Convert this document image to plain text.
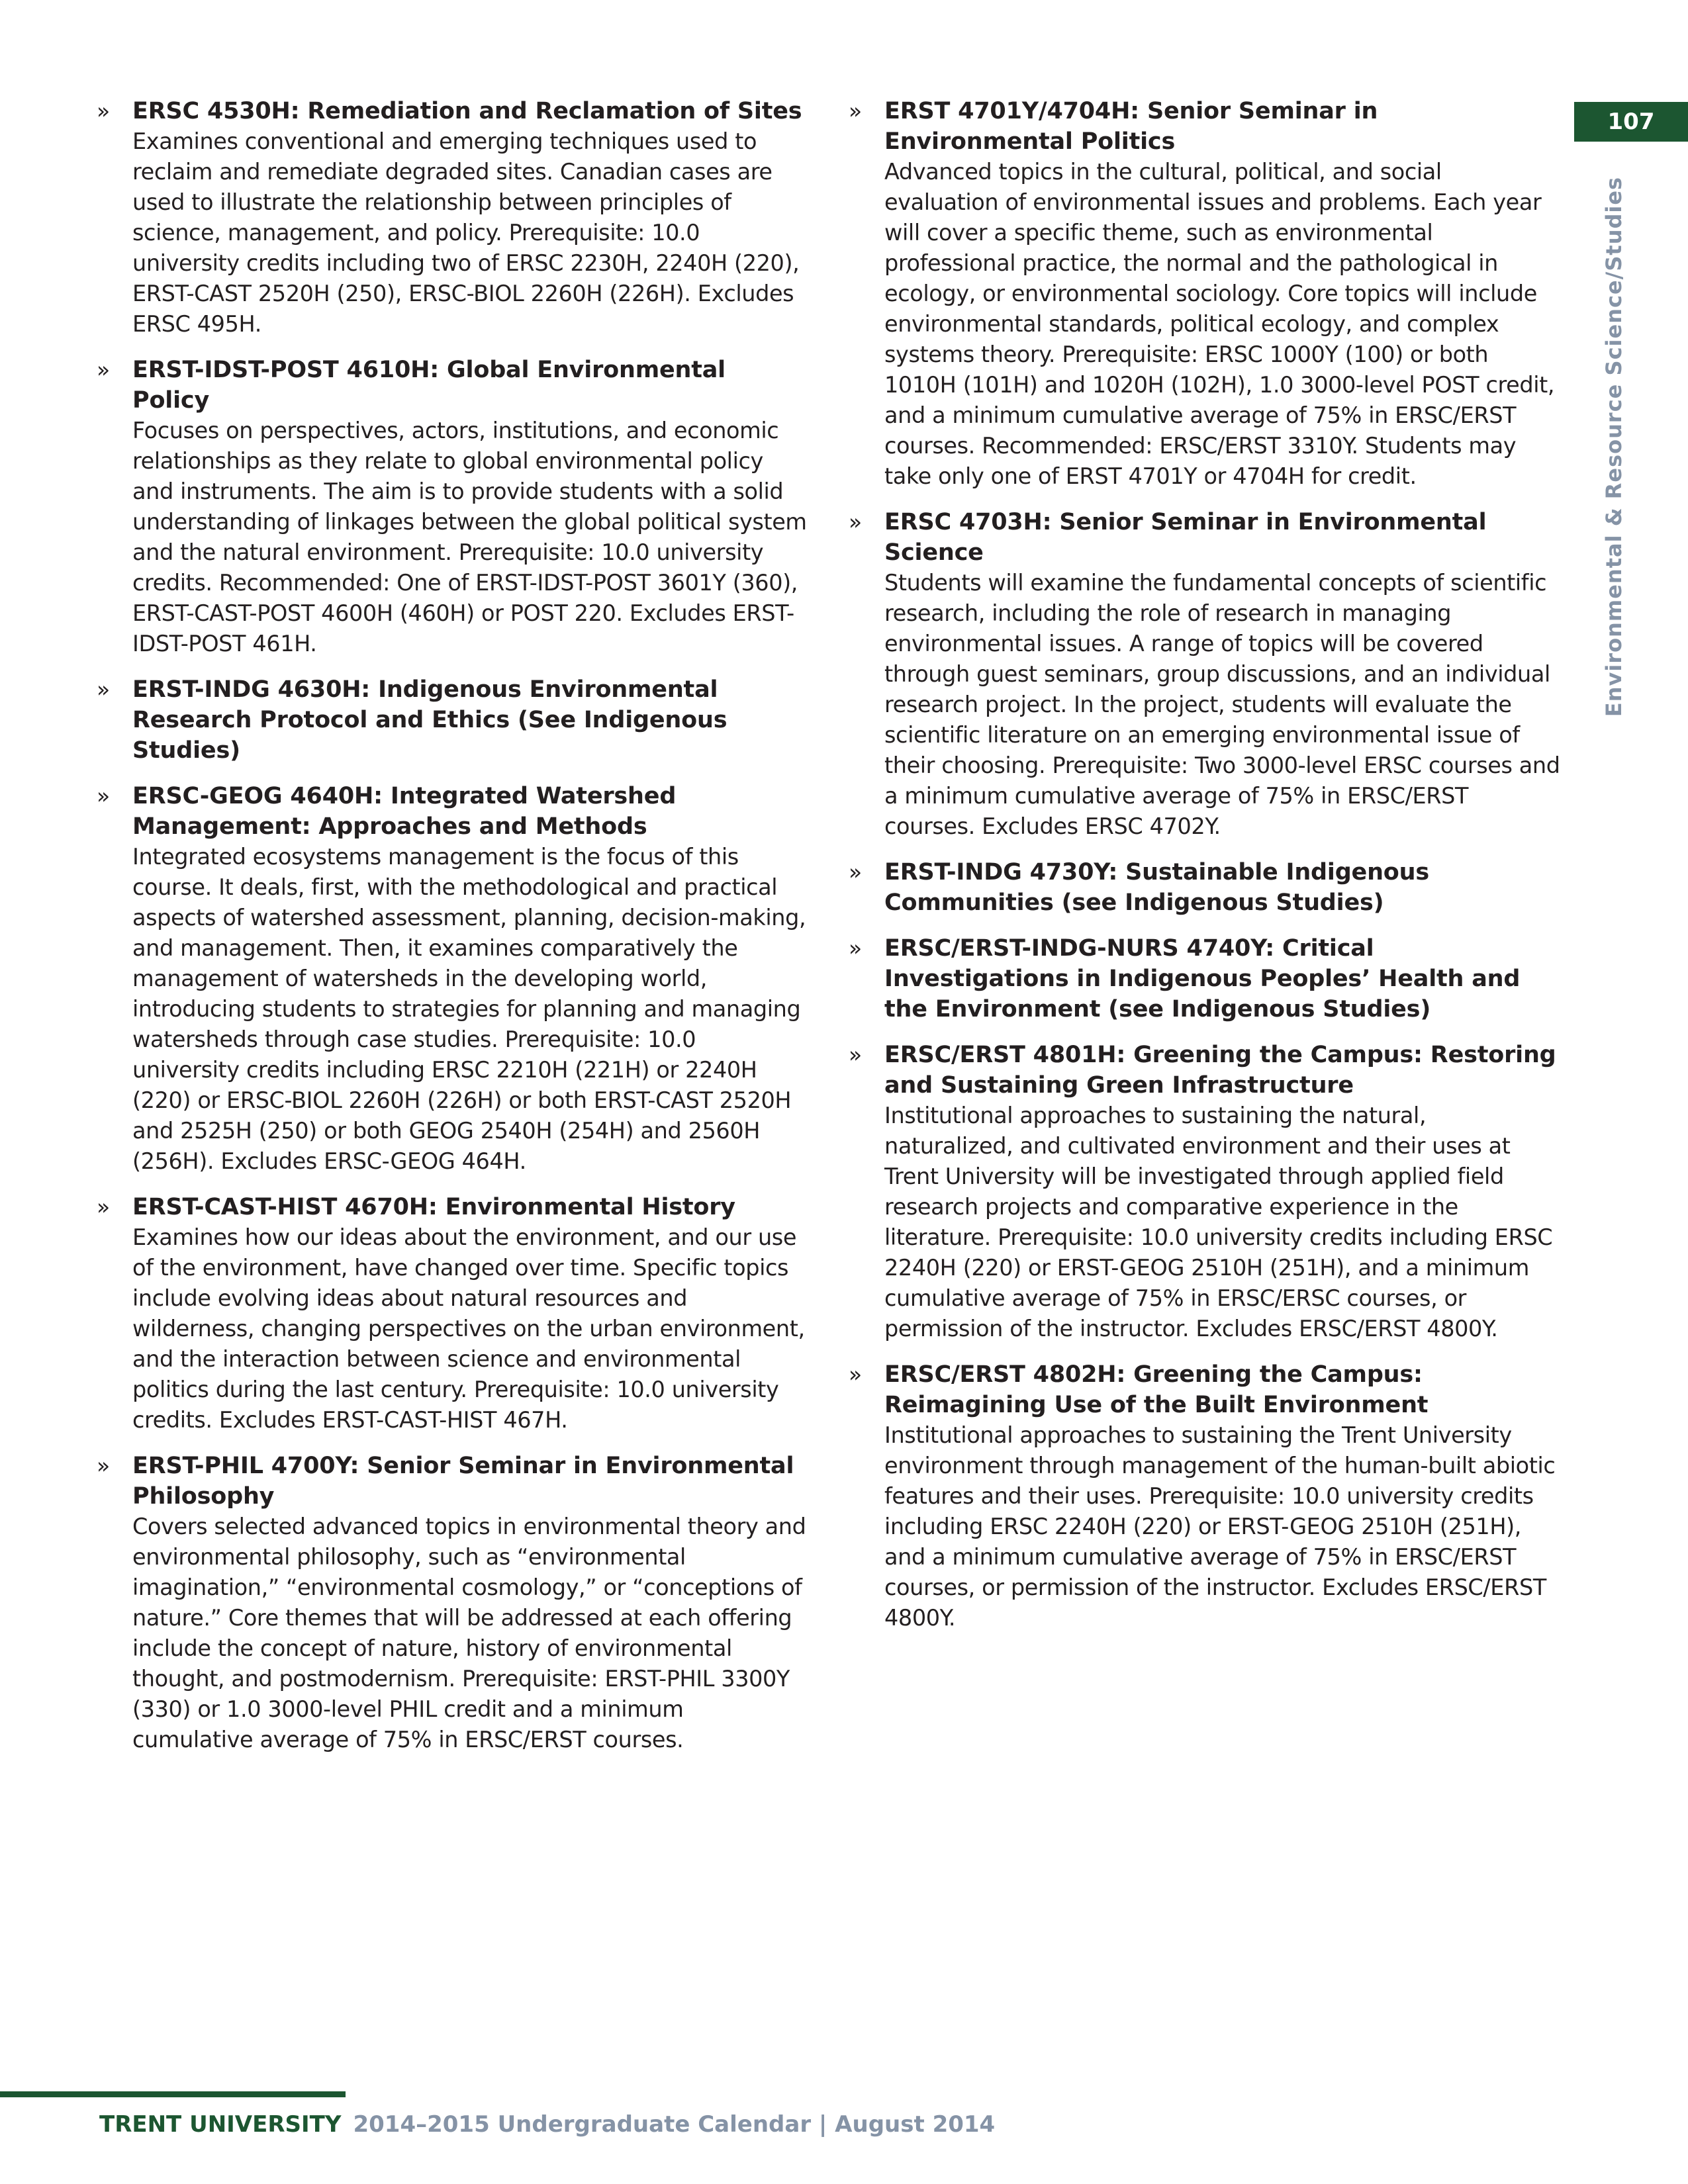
107
Environmental & Resource Science/Studies
» ERSC 4530H: Remediation and Reclamation of Sites
Examines conventional and emerging techniques used to reclaim and remediate degraded sites. Canadian cases are used to illustrate the relationship between principles of science, management, and policy. Prerequisite: 10.0 university credits including two of ERSC 2230H, 2240H (220), ERST-CAST 2520H (250), ERSC-BIOL 2260H (226H). Excludes ERSC 495H.
» ERST-IDST-POST 4610H: Global Environmental Policy
Focuses on perspectives, actors, institutions, and economic relationships as they relate to global environmental policy and instruments. The aim is to provide students with a solid understanding of linkages between the global political system and the natural environment. Prerequisite: 10.0 university credits. Recommended: One of ERST-IDST-POST 3601Y (360), ERST-CAST-POST 4600H (460H) or POST 220. Excludes ERST-IDST-POST 461H.
» ERST-INDG 4630H: Indigenous Environmental Research Protocol and Ethics (See Indigenous Studies)
» ERSC-GEOG 4640H: Integrated Watershed Management: Approaches and Methods
Integrated ecosystems management is the focus of this course. It deals, first, with the methodological and practical aspects of watershed assessment, planning, decision-making, and management. Then, it examines comparatively the management of watersheds in the developing world, introducing students to strategies for planning and managing watersheds through case studies. Prerequisite: 10.0 university credits including ERSC 2210H (221H) or 2240H (220) or ERSC-BIOL 2260H (226H) or both ERST-CAST 2520H and 2525H (250) or both GEOG 2540H (254H) and 2560H (256H). Excludes ERSC-GEOG 464H.
» ERST-CAST-HIST 4670H: Environmental History
Examines how our ideas about the environment, and our use of the environment, have changed over time. Specific topics include evolving ideas about natural resources and wilderness, changing perspectives on the urban environment, and the interaction between science and environmental politics during the last century. Prerequisite: 10.0 university credits. Excludes ERST-CAST-HIST 467H.
» ERST-PHIL 4700Y: Senior Seminar in Environmental Philosophy
Covers selected advanced topics in environmental theory and environmental philosophy, such as “environmental imagination,” “environmental cosmology,” or “conceptions of nature.” Core themes that will be addressed at each offering include the concept of nature, history of environmental thought, and postmodernism. Prerequisite: ERST-PHIL 3300Y (330) or 1.0 3000-level PHIL credit and a minimum cumulative average of 75% in ERSC/ERST courses.
» ERST 4701Y/4704H: Senior Seminar in Environmental Politics
Advanced topics in the cultural, political, and social evaluation of environmental issues and problems. Each year will cover a specific theme, such as environmental professional practice, the normal and the pathological in ecology, or environmental sociology. Core topics will include environmental standards, political ecology, and complex systems theory. Prerequisite: ERSC 1000Y (100) or both 1010H (101H) and 1020H (102H), 1.0 3000-level POST credit, and a minimum cumulative average of 75% in ERSC/ERST courses. Recommended: ERSC/ERST 3310Y. Students may take only one of ERST 4701Y or 4704H for credit.
» ERSC 4703H: Senior Seminar in Environmental Science
Students will examine the fundamental concepts of scientific research, including the role of research in managing environmental issues. A range of topics will be covered through guest seminars, group discussions, and an individual research project. In the project, students will evaluate the scientific literature on an emerging environmental issue of their choosing. Prerequisite: Two 3000-level ERSC courses and a minimum cumulative average of 75% in ERSC/ERST courses. Excludes ERSC 4702Y.
» ERST-INDG 4730Y: Sustainable Indigenous Communities (see Indigenous Studies)
» ERSC/ERST-INDG-NURS 4740Y: Critical Investigations in Indigenous Peoples’ Health and the Environment (see Indigenous Studies)
» ERSC/ERST 4801H: Greening the Campus: Restoring and Sustaining Green Infrastructure
Institutional approaches to sustaining the natural, naturalized, and cultivated environment and their uses at Trent University will be investigated through applied field research projects and comparative experience in the literature. Prerequisite: 10.0 university credits including ERSC 2240H (220) or ERST-GEOG 2510H (251H), and a minimum cumulative average of 75% in ERSC/ERSC courses, or permission of the instructor. Excludes ERSC/ERST 4800Y.
» ERSC/ERST 4802H: Greening the Campus: Reimagining Use of the Built Environment
Institutional approaches to sustaining the Trent University environment through management of the human-built abiotic features and their uses. Prerequisite: 10.0 university credits including ERSC 2240H (220) or ERST-GEOG 2510H (251H), and a minimum cumulative average of 75% in ERSC/ERST courses, or permission of the instructor. Excludes ERSC/ERST 4800Y.
TRENT UNIVERSITY 2014–2015 Undergraduate Calendar | August 2014
